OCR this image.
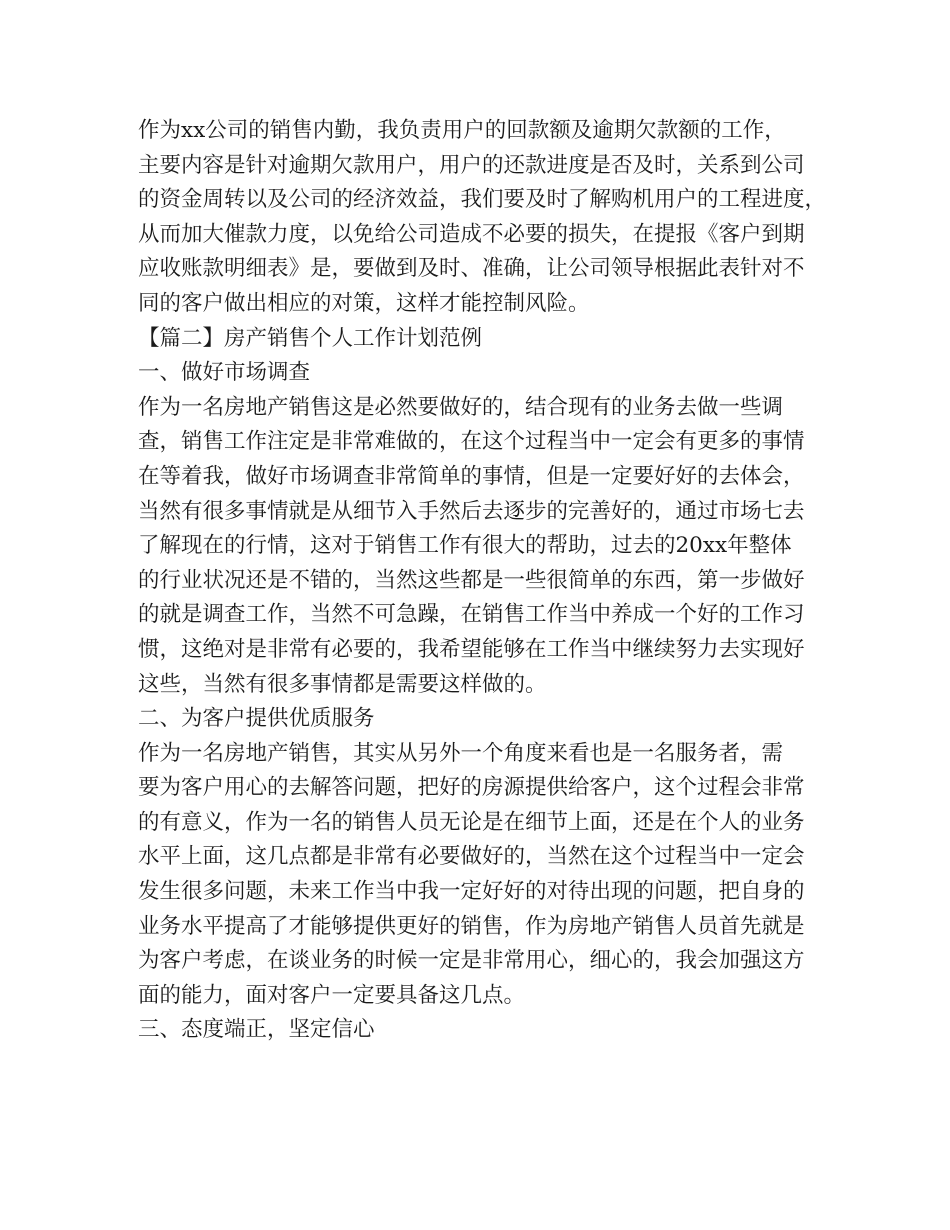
作为xx公司的销售内勤，我负责用户的回款额及逾期欠款额的工作，
主要内容是针对逾期欠款用户，用户的还款进度是否及时，关系到公司
的资金周转以及公司的经济效益，我们要及时了解购机用户的工程进度，
从而加大催款力度，以免给公司造成不必要的损失，在提报《客户到期
应收账款明细表》是，要做到及时、准确，让公司领导根据此表针对不
同的客户做出相应的对策，这样才能控制风险。
【篇二】房产销售个人工作计划范例
一、做好市场调查
作为一名房地产销售这是必然要做好的，结合现有的业务去做一些调
查，销售工作注定是非常难做的，在这个过程当中一定会有更多的事情
在等着我，做好市场调查非常简单的事情，但是一定要好好的去体会，
当然有很多事情就是从细节入手然后去逐步的完善好的，通过市场七去
了解现在的行情，这对于销售工作有很大的帮助，过去的20xx年整体
的行业状况还是不错的，当然这些都是一些很简单的东西，第一步做好
的就是调查工作，当然不可急躁，在销售工作当中养成一个好的工作习
惯，这绝对是非常有必要的，我希望能够在工作当中继续努力去实现好
这些，当然有很多事情都是需要这样做的。
二、为客户提供优质服务
作为一名房地产销售，其实从另外一个角度来看也是一名服务者，需
要为客户用心的去解答问题，把好的房源提供给客户，这个过程会非常
的有意义，作为一名的销售人员无论是在细节上面，还是在个人的业务
水平上面，这几点都是非常有必要做好的，当然在这个过程当中一定会
发生很多问题，未来工作当中我一定好好的对待出现的问题，把自身的
业务水平提高了才能够提供更好的销售，作为房地产销售人员首先就是
为客户考虑，在谈业务的时候一定是非常用心，细心的，我会加强这方
面的能力，面对客户一定要具备这几点。
三、态度端正，坚定信心
